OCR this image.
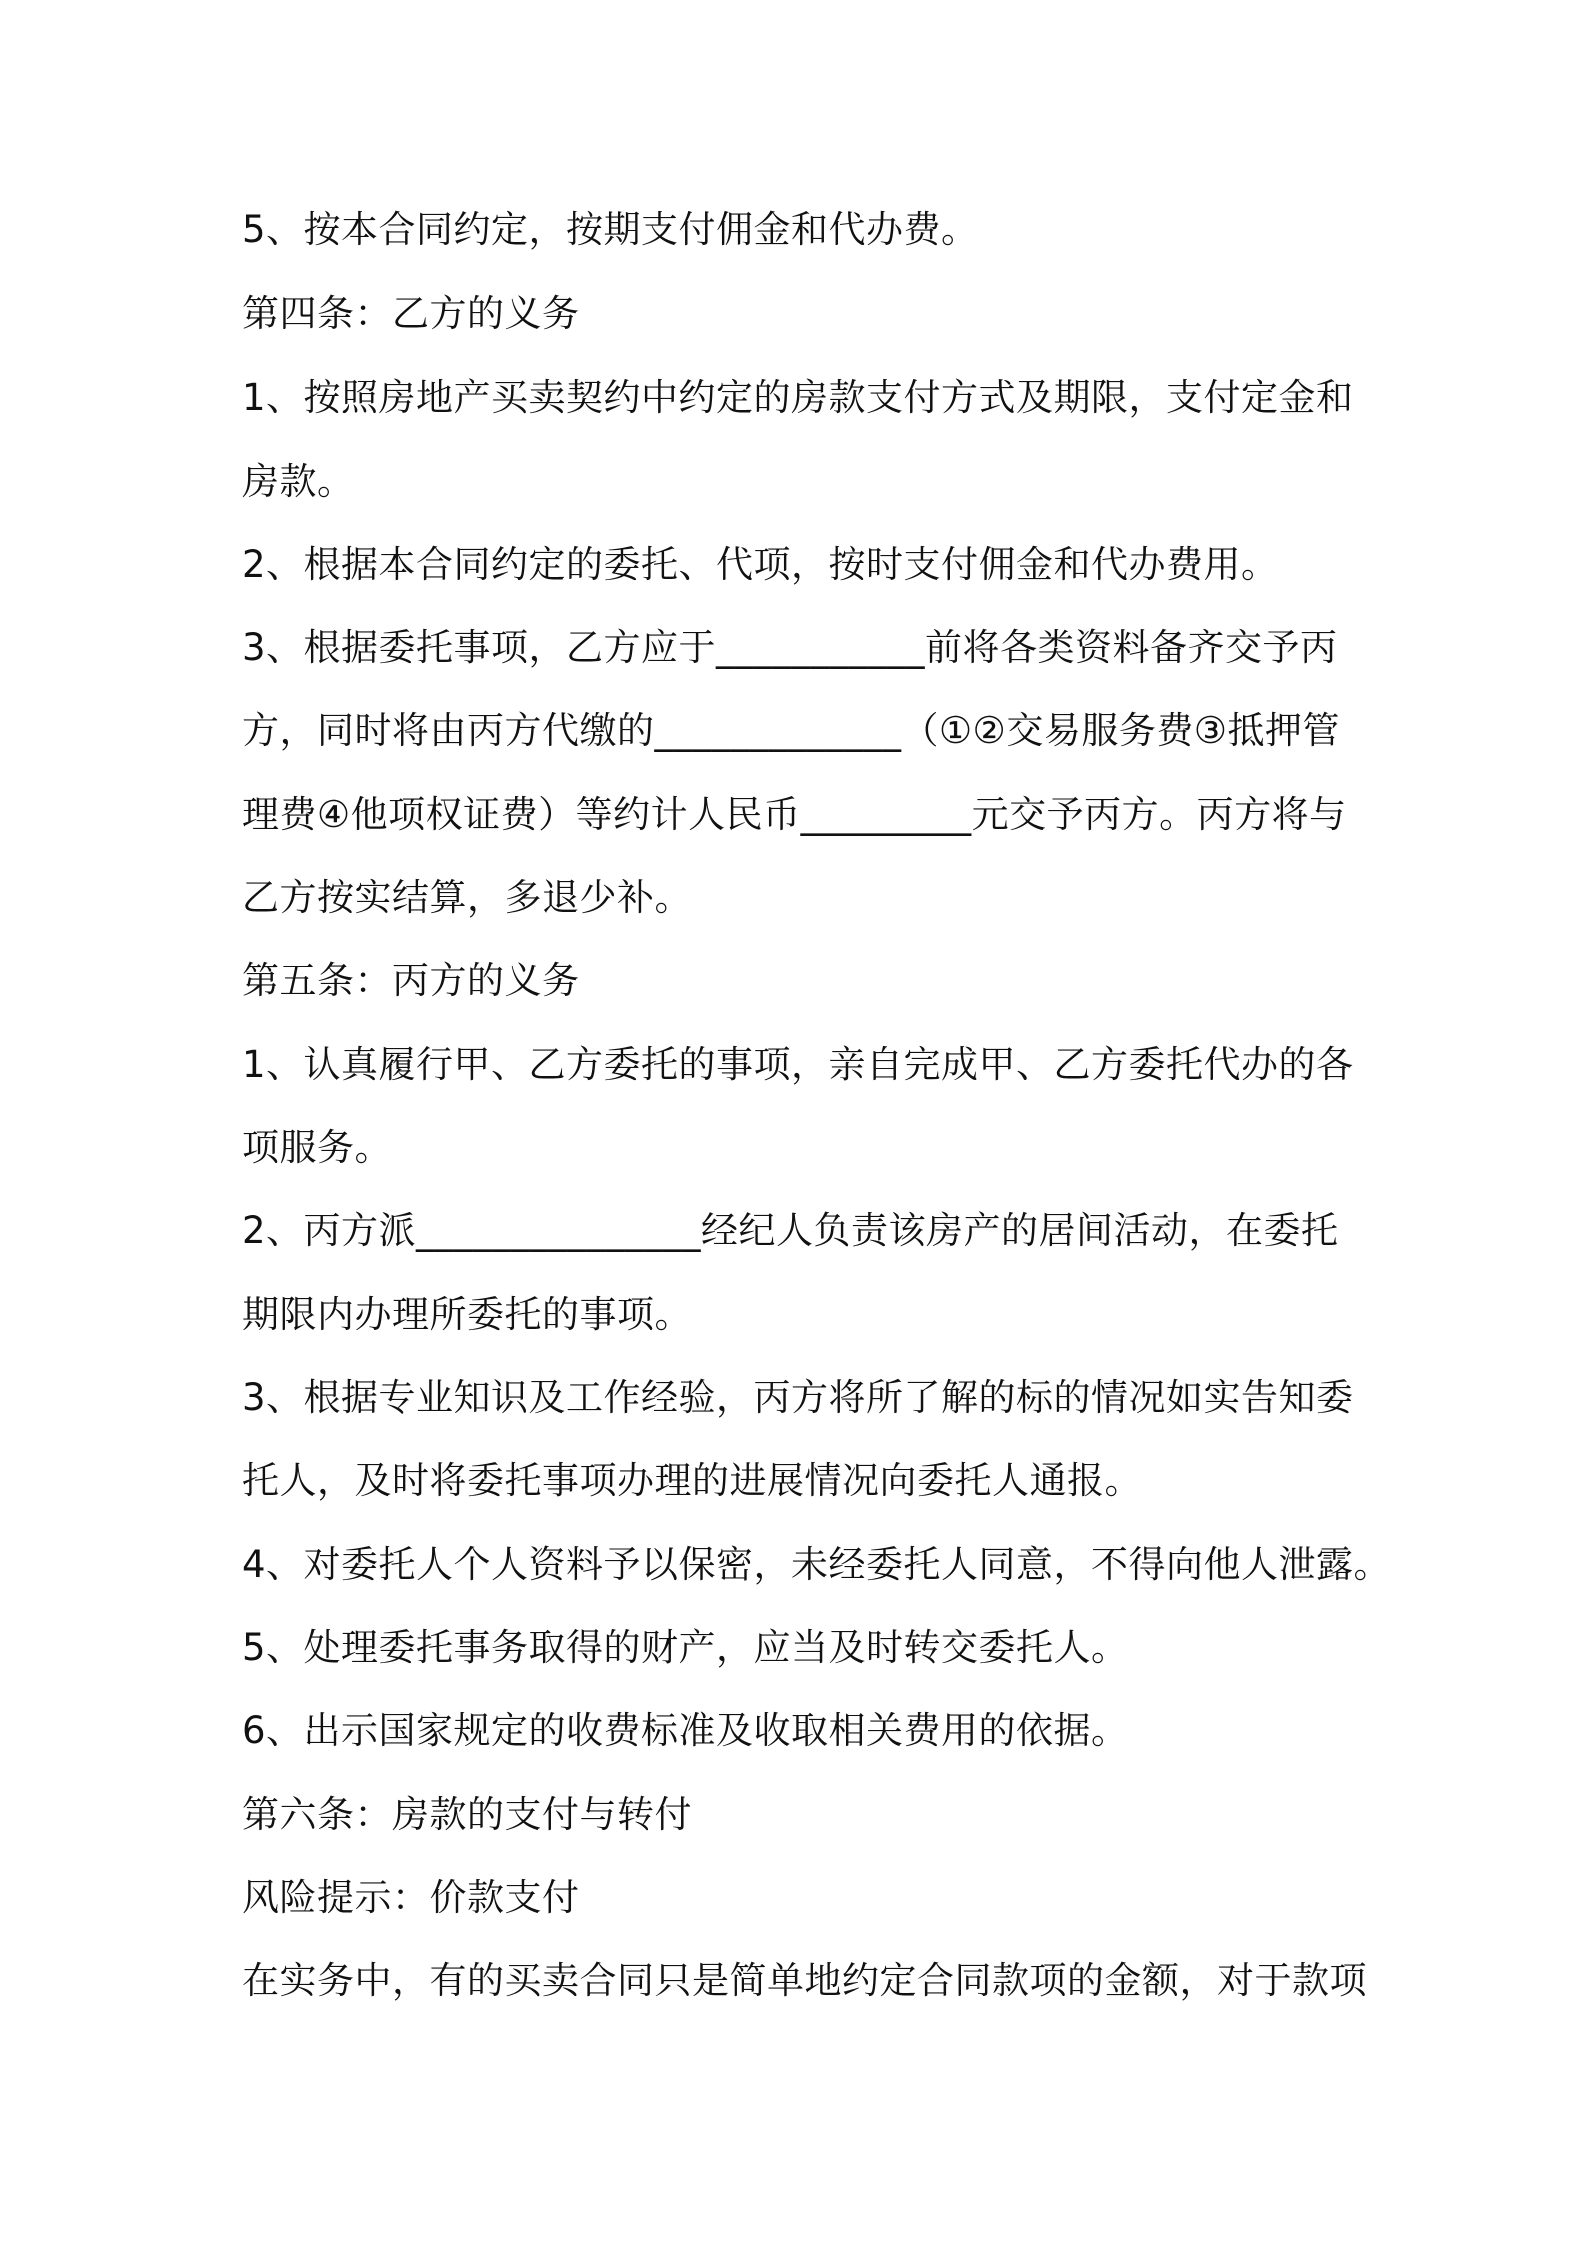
5、按本合同约定，按期支付佣金和代办费。
第四条：乙方的义务
1、按照房地产买卖契约中约定的房款支付方式及期限，支付定金和
房款。
2、根据本合同约定的委托、代项，按时支付佣金和代办费用。
3、根据委托事项，乙方应于___________前将各类资料备齐交予丙
方，同时将由丙方代缴的_____________（①②交易服务费③抵押管
理费④他项权证费）等约计人民币_________元交予丙方。丙方将与
乙方按实结算，多退少补。
第五条：丙方的义务
1、认真履行甲、乙方委托的事项，亲自完成甲、乙方委托代办的各
项服务。
2、丙方派_______________经纪人负责该房产的居间活动，在委托
期限内办理所委托的事项。
3、根据专业知识及工作经验，丙方将所了解的标的情况如实告知委
托人，及时将委托事项办理的进展情况向委托人通报。
4、对委托人个人资料予以保密，未经委托人同意，不得向他人泄露。
5、处理委托事务取得的财产，应当及时转交委托人。
6、出示国家规定的收费标准及收取相关费用的依据。
第六条：房款的支付与转付
风险提示：价款支付
在实务中，有的买卖合同只是简单地约定合同款项的金额，对于款项
